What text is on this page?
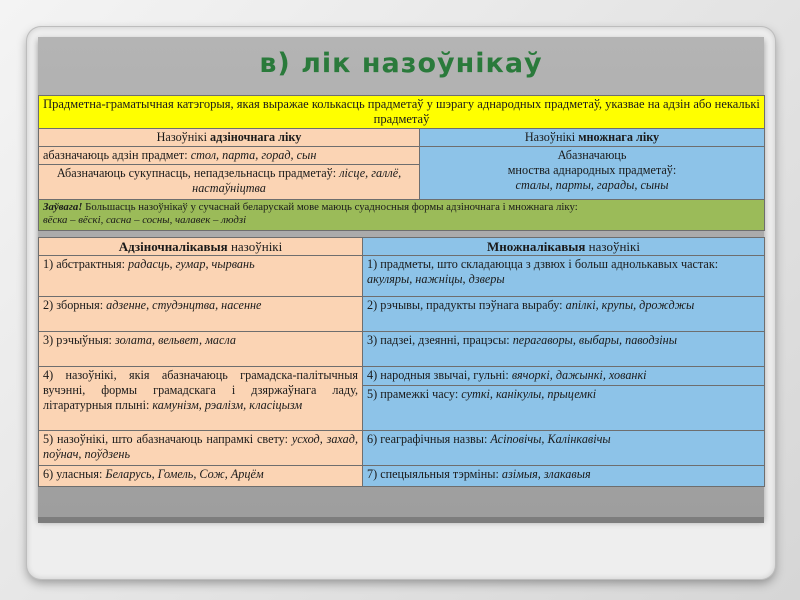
в) лік назоўнікаў
Прадметна-граматычная катэгорыя, якая выражае колькасць прадметаў у шэрагу аднародных прадметаў, указвае на адзін або некалькі прадметаў	
Назоўнікі адзіночнага ліку	Назоўнікі множнага ліку
абазначаюць адзін прадмет: стол, парта, горад, сын	Абазначаюць
мноства аднародных прадметаў:
сталы, парты, гарады, сыны

Абазначаюць сукупнасць, непадзельнасць прадметаў: лісце, галлё, настаўніцтва	
Заўвага! Большасць назоўнікаў у сучаснай беларускай мове маюць суадносныя формы адзіночнага і множнага ліку:
вёска – вёскі, сасна – сосны, чалавек – людзі	
Адзіночналікавыя назоўнікі	Множналікавыя назоўнікі
1) абстрактныя: радасць, гумар, чырвань	1) прадметы, што складаюцца з дзвюх і больш аднолькавых частак: акуляры, нажніцы, дзверы
2) зборныя: адзенне, студэнцтва, насенне	2) рэчывы, прадукты пэўнага вырабу: апілкі, крупы, дрожджы
3) рэчыўныя: золата, вельвет, масла	3) падзеі, дзеянні, працэсы: перагаворы, выбары, паводзіны
4) назоўнікі, якія абазначаюць грамадска-палітычныя вучэнні, формы грамадскага і дзяржаўнага ладу, літаратурныя плыні: камунізм, рэалізм, класіцызм	4) народныя звычаі, гульні: вячоркі, дажынкі, хованкі
	5) прамежкі часу: суткі, канікулы, прыцемкі
5) назоўнікі, што абазначаюць напрамкі свету: усход, захад, поўнач, поўдзень	6) геаграфічныя назвы: Асіповічы, Калінкавічы
6) уласныя: Беларусь, Гомель, Сож, Арцём	7) спецыяльныя тэрміны: азімыя, злакавыя
